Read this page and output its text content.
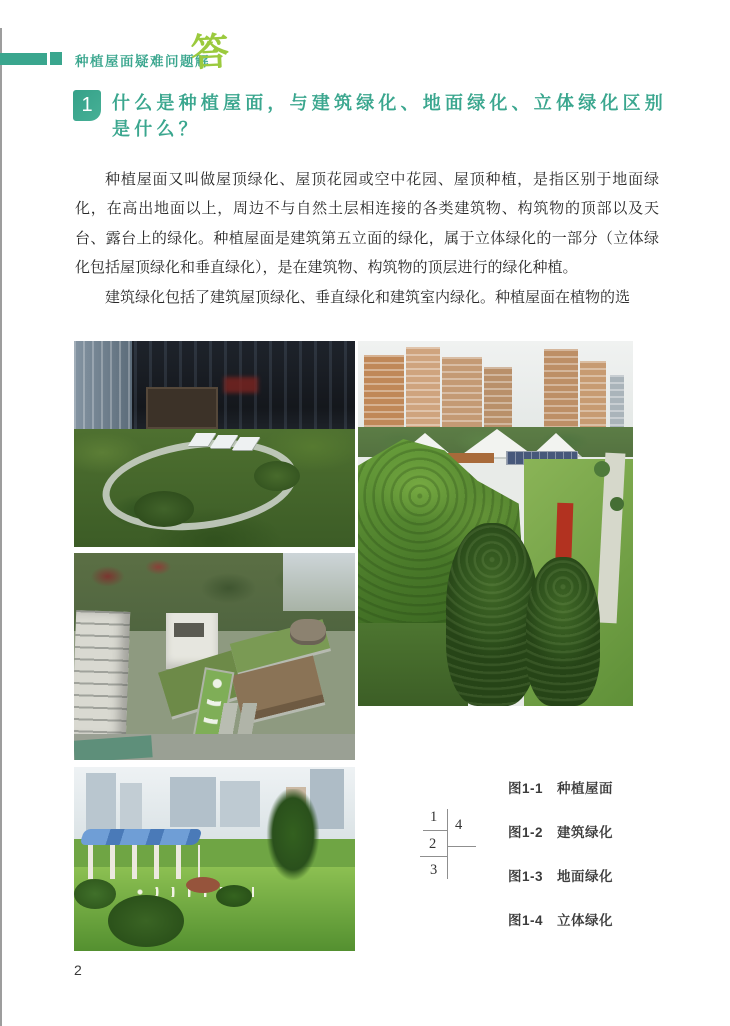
种植屋面疑难问题解
答
1	什么是种植屋面，与建筑绿化、地面绿化、立体绿化区别是什么？

种植屋面又叫做屋顶绿化、屋顶花园或空中花园、屋顶种植，是指区别于地面绿化，在高出地面以上，周边不与自然土层相连接的各类建筑物、构筑物的顶部以及天台、露台上的绿化。种植屋面是建筑第五立面的绿化，属于立体绿化的一部分（立体绿化包括屋顶绿化和垂直绿化），是在建筑物、构筑物的顶层进行的绿化种植。

建筑绿化包括了建筑屋顶绿化、垂直绿化和建筑室内绿化。种植屋面在植物的选

1
2
3
4
图1-1 种植屋面
图1-2 建筑绿化
图1-3 地面绿化
图1-4 立体绿化
2
